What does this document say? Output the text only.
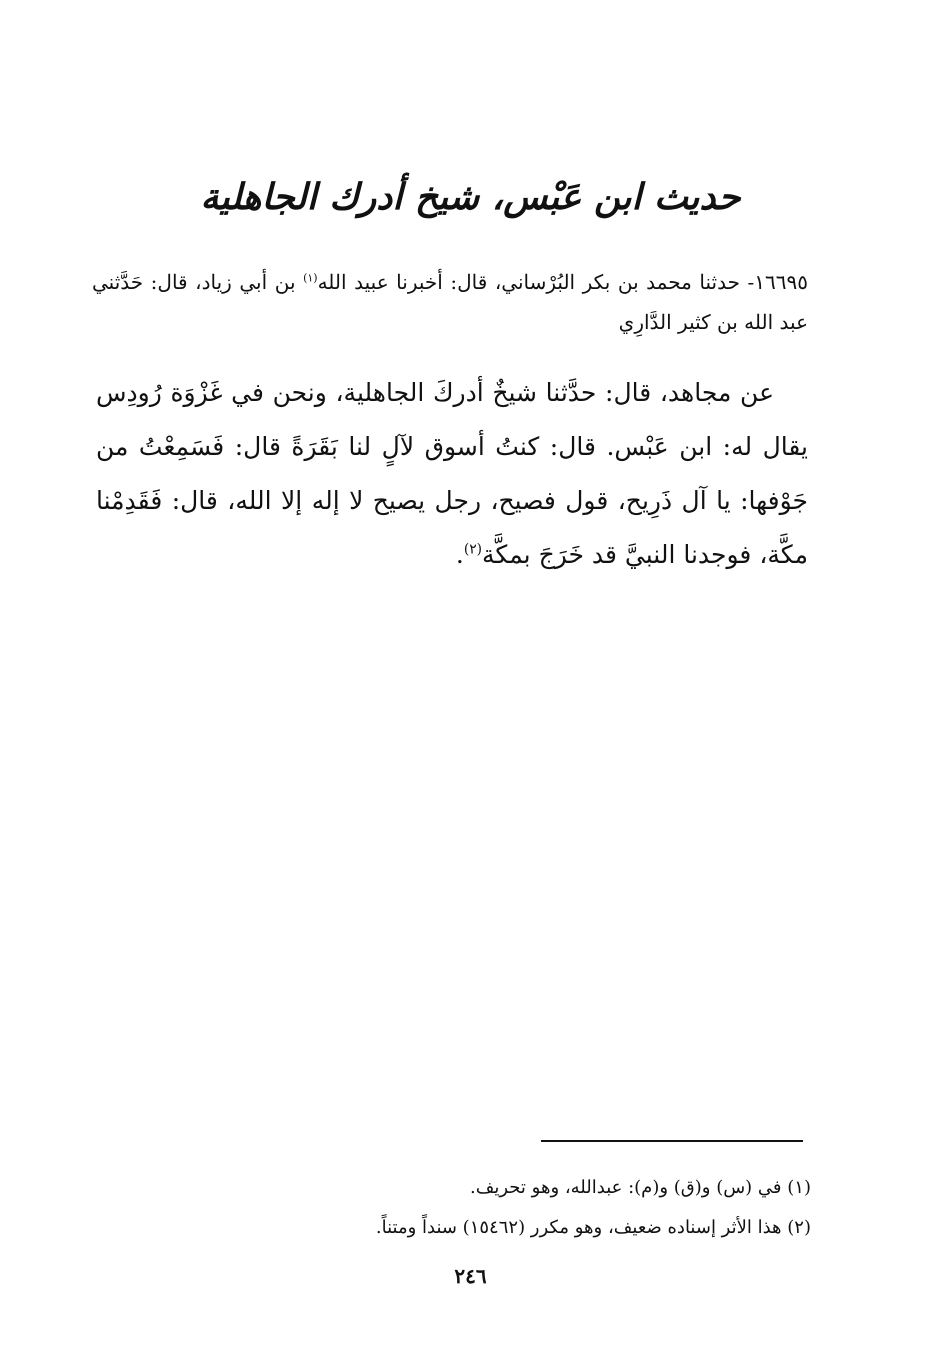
حديث ابن عَبْس، شيخ أدرك الجاهلية

١٦٦٩٥- حدثنا محمد بن بكر البُرْساني، قال: أخبرنا عبيد الله$^{(١)}$ بن أبي زياد، قال: حَدَّثني عبد الله بن كثير الدَّارِي

عن مجاهد، قال: حدَّثنا شيخٌ أدركَ الجاهلية، ونحن في غَزْوَة رُودِس يقال له: ابن عَبْس. قال: كنتُ أسوق لآلٍ لنا بَقَرَةً قال: فَسَمِعْتُ من جَوْفها: يا آل ذَرِيح، قول فصيح، رجل يصيح لا إله إلا الله، قال: فَقَدِمْنا مكَّة، فوجدنا النبيَّ قد خَرَجَ بمكَّة$^{(٢)}$.

(١) في (س) و(ق) و(م): عبدالله، وهو تحريف.

(٢) هذا الأثر إسناده ضعيف، وهو مكرر (١٥٤٦٢) سنداً ومتناً.

٢٤٦
